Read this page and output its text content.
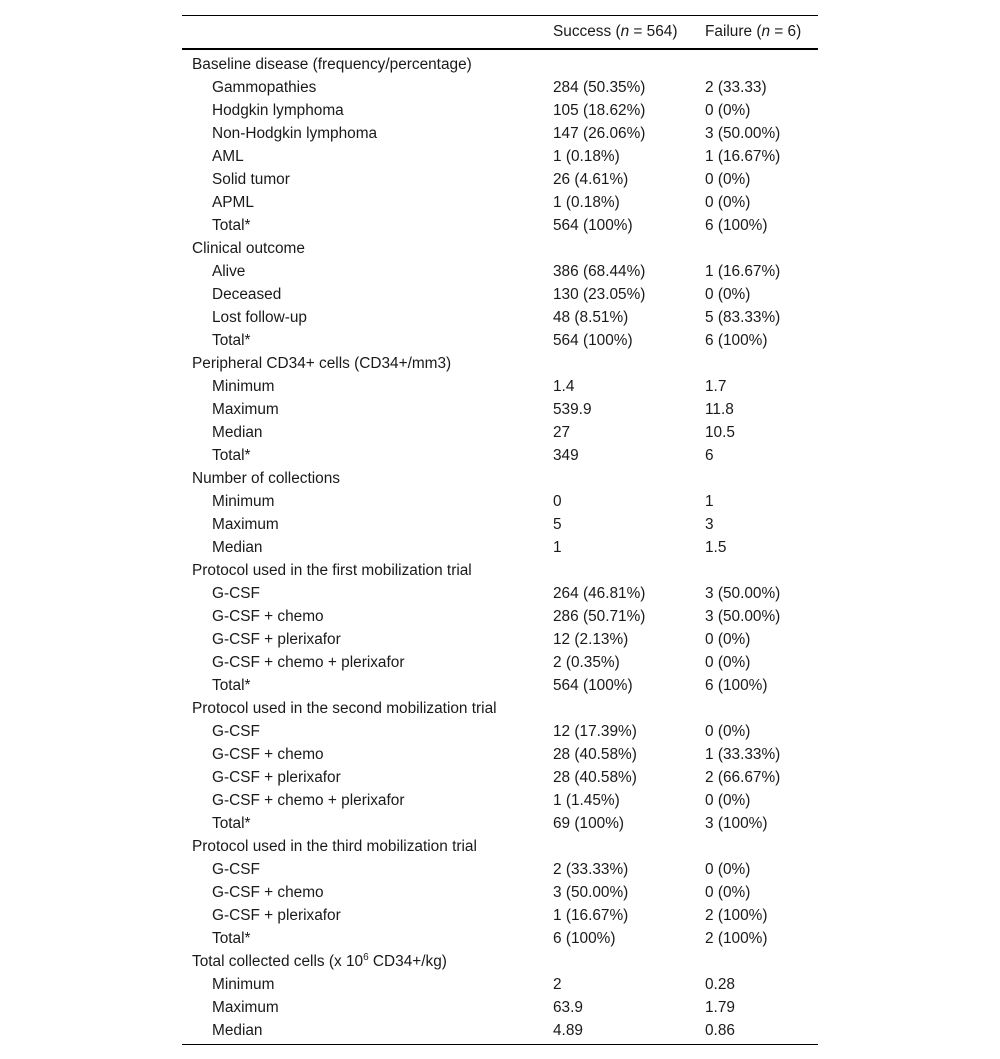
Success (n = 564) Failure (n = 6)
Baseline disease (frequency/percentage)
Gammopathies	284 (50.35%)	2 (33.33)
Hodgkin lymphoma	105 (18.62%)	0 (0%)
Non-Hodgkin lymphoma	147 (26.06%)	3 (50.00%)
AML	1 (0.18%)	1 (16.67%)
Solid tumor	26 (4.61%)	0 (0%)
APML	1 (0.18%)	0 (0%)
Total*	564 (100%)	6 (100%)
Clinical outcome
Alive	386 (68.44%)	1 (16.67%)
Deceased	130 (23.05%)	0 (0%)
Lost follow-up	48 (8.51%)	5 (83.33%)
Total*	564 (100%)	6 (100%)
Peripheral CD34+ cells (CD34+/mm3)
Minimum	1.4	1.7
Maximum	539.9	11.8
Median	27	10.5
Total*	349	6
Number of collections
Minimum	0	1
Maximum	5	3
Median	1	1.5
Protocol used in the first mobilization trial
G-CSF	264 (46.81%)	3 (50.00%)
G-CSF + chemo	286 (50.71%)	3 (50.00%)
G-CSF + plerixafor	12 (2.13%)	0 (0%)
G-CSF + chemo + plerixafor	2 (0.35%)	0 (0%)
Total*	564 (100%)	6 (100%)
Protocol used in the second mobilization trial
G-CSF	12 (17.39%)	0 (0%)
G-CSF + chemo	28 (40.58%)	1 (33.33%)
G-CSF + plerixafor	28 (40.58%)	2 (66.67%)
G-CSF + chemo + plerixafor	1 (1.45%)	0 (0%)
Total*	69 (100%)	3 (100%)
Protocol used in the third mobilization trial
G-CSF	2 (33.33%)	0 (0%)
G-CSF + chemo	3 (50.00%)	0 (0%)
G-CSF + plerixafor	1 (16.67%)	2 (100%)
Total*	6 (100%)	2 (100%)
Total collected cells (x $10^6$ CD34+/kg)
Minimum	2	0.28
Maximum	63.9	1.79
Median	4.89	0.86
